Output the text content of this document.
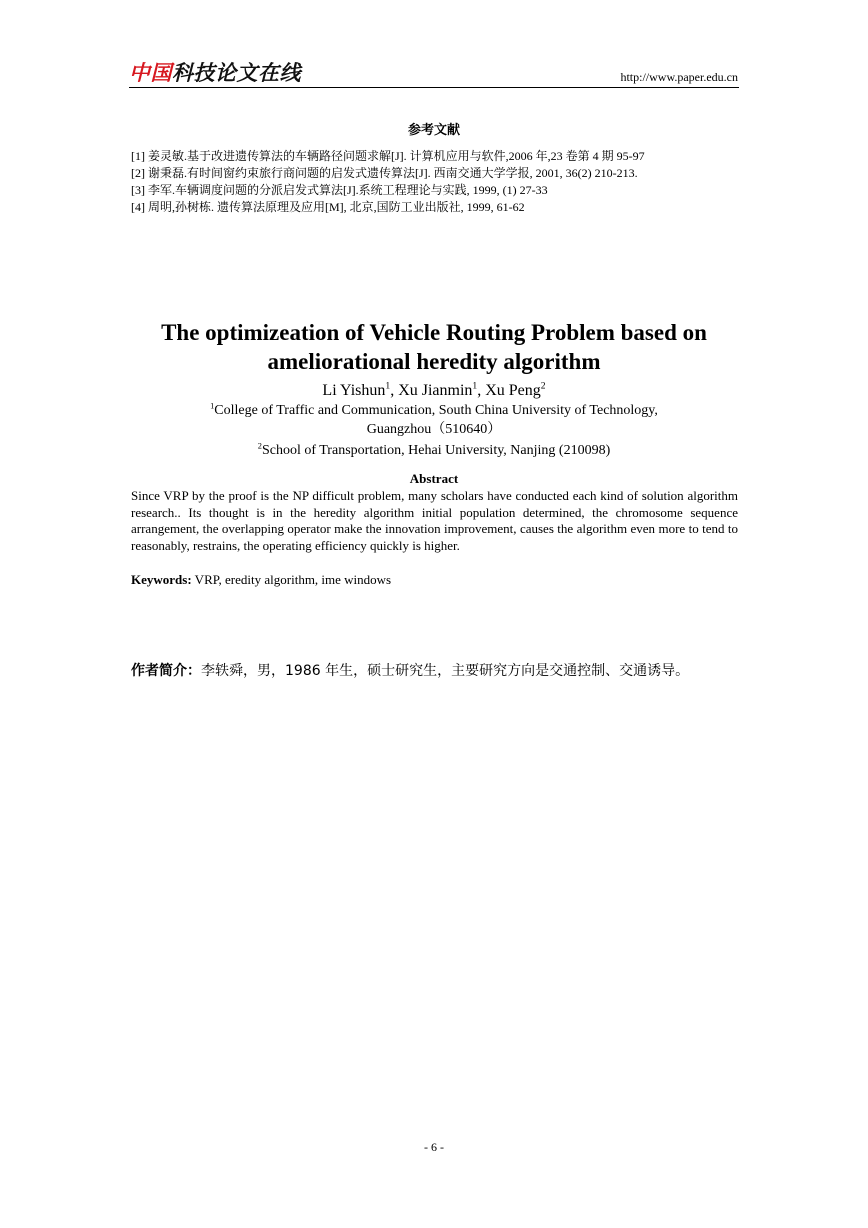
中国科技论文在线	http://www.paper.edu.cn
参考文献
[1] 姜灵敏.基于改进遗传算法的车辆路径问题求解[J]. 计算机应用与软件,2006 年,23 卷第 4 期 95-97
[2] 谢秉磊.有时间窗约束旅行商问题的启发式遗传算法[J]. 西南交通大学学报, 2001, 36(2) 210-213.
[3] 李军.车辆调度问题的分派启发式算法[J].系统工程理论与实践, 1999, (1) 27-33
[4] 周明,孙树栋. 遗传算法原理及应用[M], 北京,国防工业出版社, 1999, 61-62
The optimizeation of Vehicle Routing Problem based on
ameliorational heredity algorithm
Li Yishun$^1$, Xu Jianmin$^1$, Xu Peng$^2$
$^1$College of Traffic and Communication, South China University of Technology,
Guangzhou（510640）
$^2$School of Transportation, Hehai University, Nanjing (210098)
Abstract
Since VRP by the proof is the NP difficult problem, many scholars have conducted each kind of solution algorithm research.. Its thought is in the heredity algorithm initial population determined, the chromosome sequence arrangement, the overlapping operator make the innovation improvement, causes the algorithm even more to tend to reasonably, restrains, the operating efficiency quickly is higher.
Keywords: VRP, eredity algorithm, ime windows
作者简介：李轶舜，男，1986 年生，硕士研究生，主要研究方向是交通控制、交通诱导。
- 6 -
